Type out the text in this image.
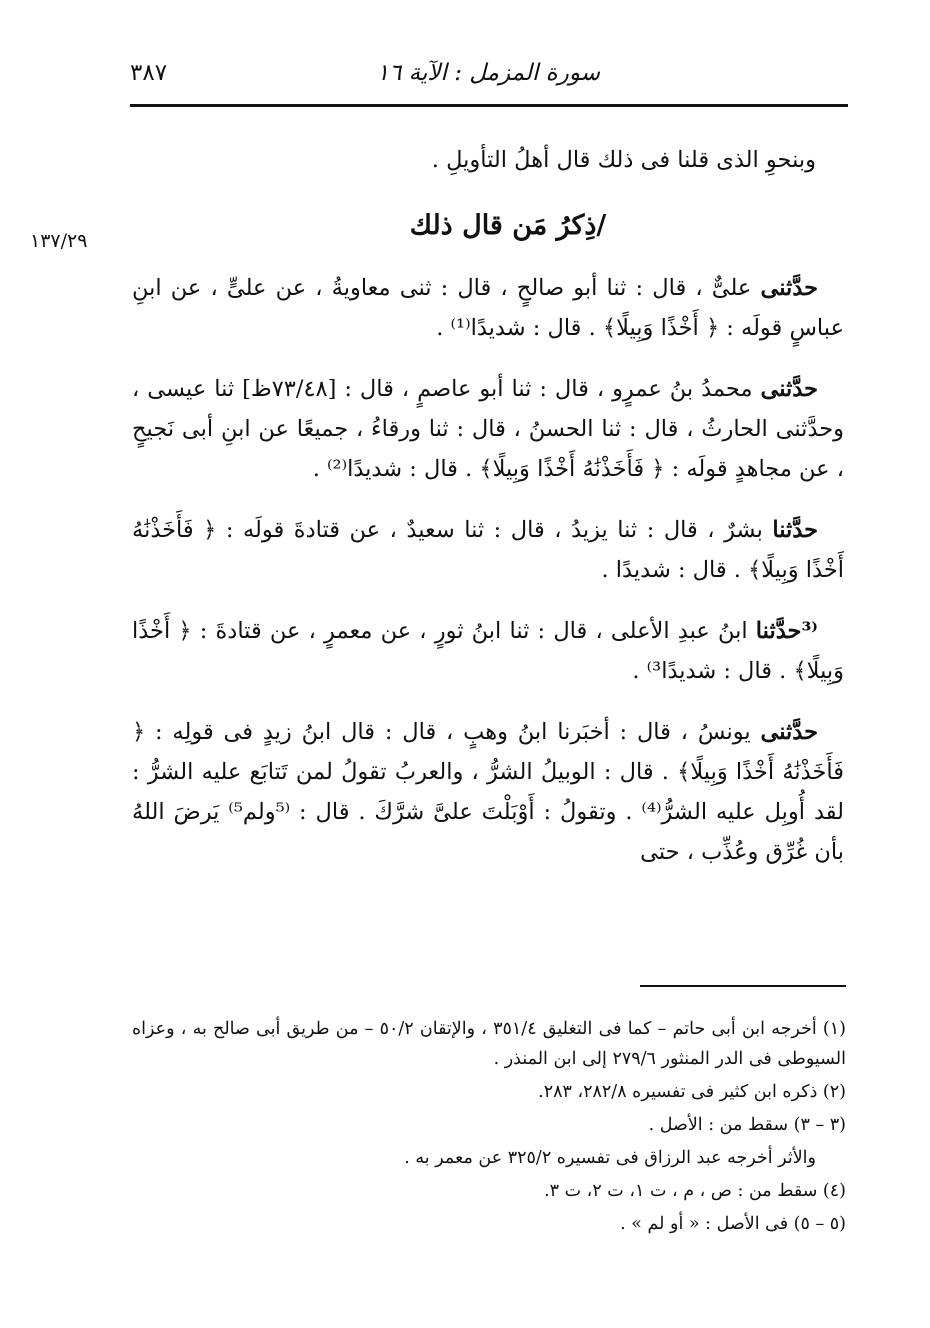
سورة المزمل : الآية ١٦
٣٨٧
١٣٧/٢٩

وبنحوِ الذى قلنا فى ذلك قال أهلُ التأويلِ .

/ذِكرُ مَن قال ذلك

حدَّثنى علىٌّ ، قال : ثنا أبو صالحٍ ، قال : ثنى معاويةُ ، عن علىٍّ ، عن ابنِ عباسٍ قولَه : ﴿ أَخْذًا وَبِيلًا﴾ . قال : شديدًا⁽¹⁾ .

حدَّثنى محمدُ بنُ عمرٍو ، قال : ثنا أبو عاصمٍ ، قال : [٧٣/٤٨ظ] ثنا عيسى ، وحدَّثنى الحارثُ ، قال : ثنا الحسنُ ، قال : ثنا ورقاءُ ، جميعًا عن ابنِ أبى نَجيحٍ ، عن مجاهدٍ قولَه : ﴿ فَأَخَذْنَٰهُ أَخْذًا وَبِيلًا﴾ . قال : شديدًا⁽²⁾ .

حدَّثنا بشرٌ ، قال : ثنا يزيدُ ، قال : ثنا سعيدٌ ، عن قتادةَ قولَه : ﴿ فَأَخَذْنَٰهُ أَخْذًا وَبِيلًا﴾ . قال : شديدًا .

⁽³حدَّثنا ابنُ عبدِ الأعلى ، قال : ثنا ابنُ ثورٍ ، عن معمرٍ ، عن قتادةَ : ﴿ أَخْذًا وَبِيلًا﴾ . قال : شديدًا³⁾ .

حدَّثنى يونسُ ، قال : أخبَرنا ابنُ وهبٍ ، قال : قال ابنُ زيدٍ فى قولِه : ﴿ فَأَخَذْنَٰهُ أَخْذًا وَبِيلًا﴾ . قال : الوبيلُ الشرُّ ، والعربُ تقولُ لمن تَتابَع عليه الشرُّ : لقد أُوبِل عليه الشرُّ⁽⁴⁾ . وتقولُ : أَوْبَلْتَ علىَّ شرَّكَ . قال : ⁽⁵ولم⁵⁾ يَرضَ اللهُ بأن غُرِّق وعُذِّب ، حتى

(١) أخرجه ابن أبى حاتم – كما فى التغليق ٣٥١/٤ ، والإتقان ٥٠/٢ – من طريق أبى صالح به ، وعزاه السيوطى فى الدر المنثور ٢٧٩/٦ إلى ابن المنذر .

(٢) ذكره ابن كثير فى تفسيره ٢٨٢/٨، ٢٨٣.

(٣ – ٣) سقط من : الأصل .

والأثر أخرجه عبد الرزاق فى تفسيره ٣٢٥/٢ عن معمر به .

(٤) سقط من : ص ، م ، ت ١، ت ٢، ت ٣.

(٥ – ٥) فى الأصل : « أو لم » .
